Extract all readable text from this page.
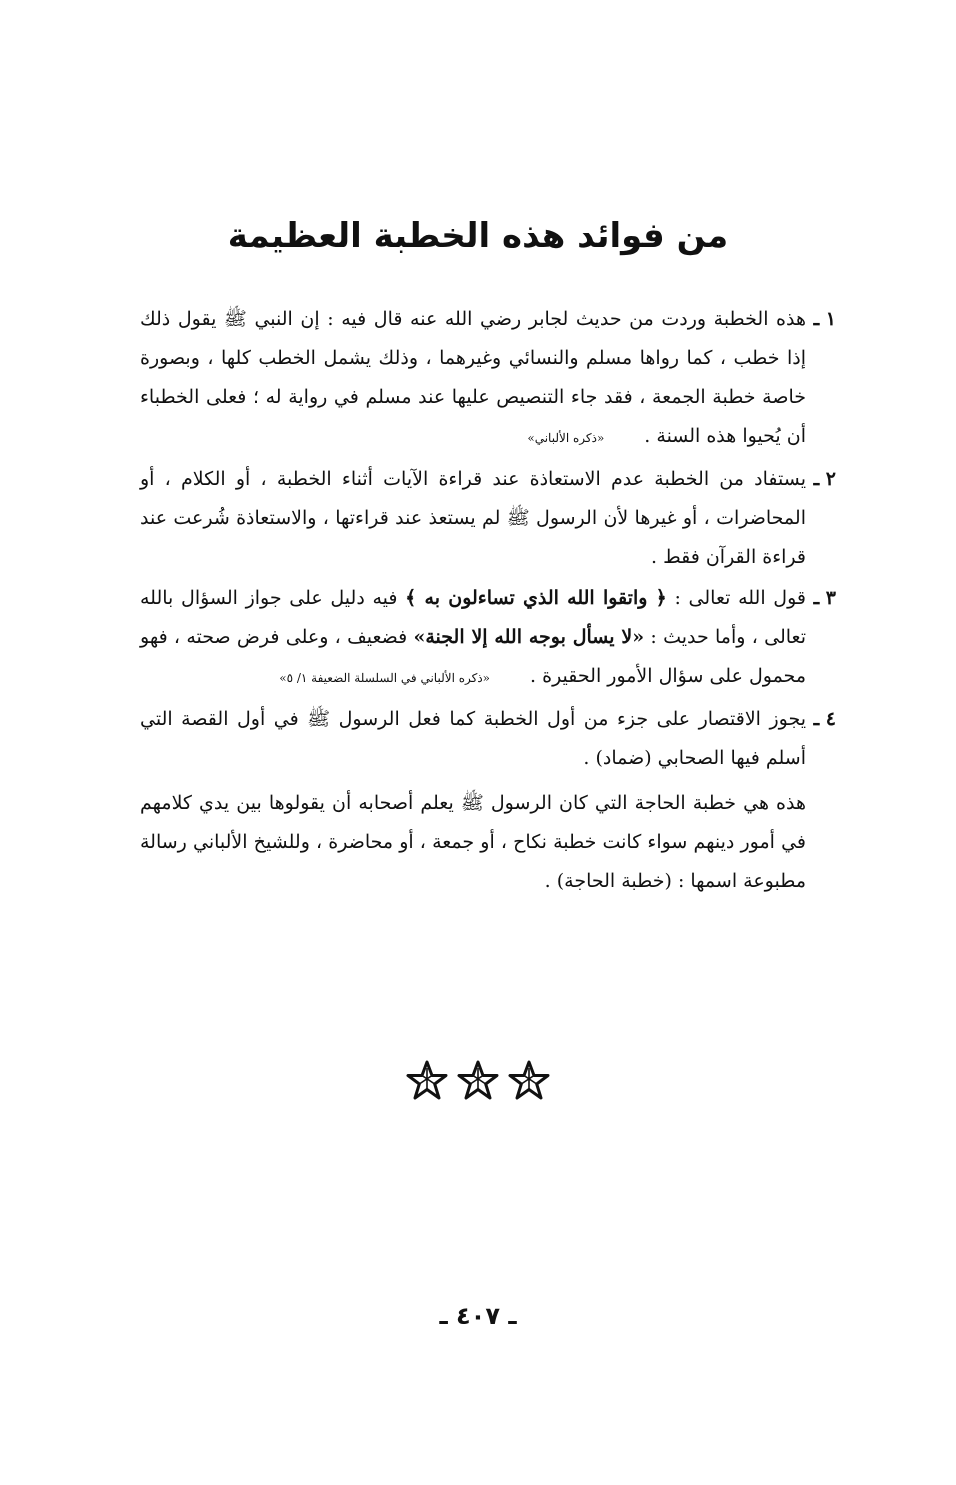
من فوائد هذه الخطبة العظيمة
١ ـ

هذه الخطبة وردت من حديث لجابر رضي الله عنه قال فيه : إن النبي ﷺ يقول ذلك إذا خطب ، كما رواها مسلم والنسائي وغيرهما ، وذلك يشمل الخطب كلها ، وبصورة خاصة خطبة الجمعة ، فقد جاء التنصيص عليها عند مسلم في رواية له ؛ فعلى الخطباء أن يُحيوا هذه السنة .«ذكره الألباني»

٢ ـ

يستفاد من الخطبة عدم الاستعاذة عند قراءة الآيات أثناء الخطبة ، أو الكلام ، أو المحاضرات ، أو غيرها لأن الرسول ﷺ لم يستعذ عند قراءتها ، والاستعاذة شُرعت عند قراءة القرآن فقط .

٣ ـ

قول الله تعالى : ﴿ واتقوا الله الذي تساءلون به ﴾ فيه دليل على جواز السؤال بالله تعالى ، وأما حديث : «لا يسأل بوجه الله إلا الجنة» فضعيف ، وعلى فرض صحته ، فهو محمول على سؤال الأمور الحقيرة .«ذكره الألباني في السلسلة الضعيفة ١/ ٥»

٤ ـ

يجوز الاقتصار على جزء من أول الخطبة كما فعل الرسول ﷺ في أول القصة التي أسلم فيها الصحابي (ضماد) .

هذه هي خطبة الحاجة التي كان الرسول ﷺ يعلم أصحابه أن يقولوها بين يدي كلامهم في أمور دينهم سواء كانت خطبة نكاح ، أو جمعة ، أو محاضرة ، وللشيخ الألباني رسالة مطبوعة اسمها : (خطبة الحاجة) .

ـ ٤٠٧ ـ
